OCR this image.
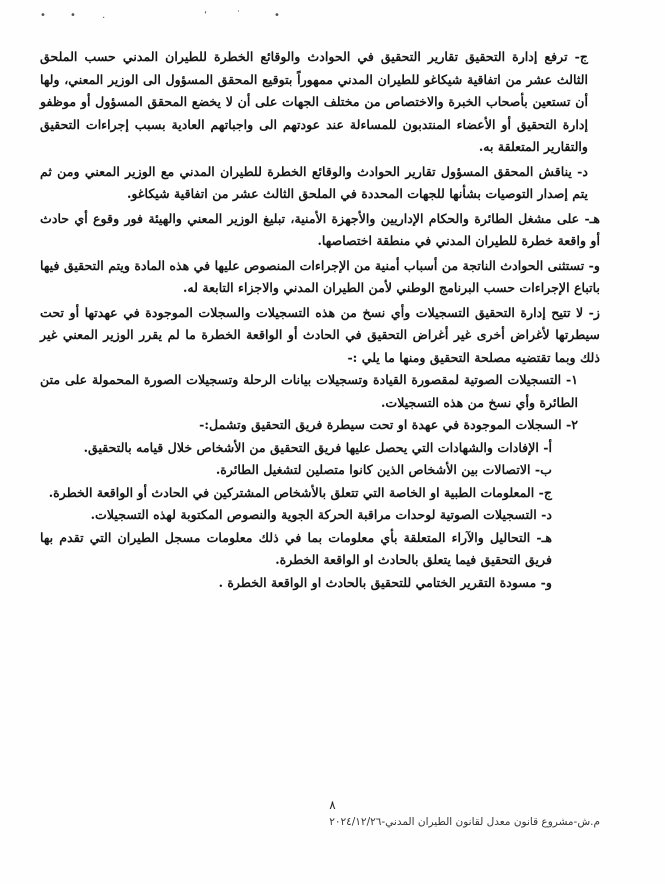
• •	․	‘	˙	•

ج- ترفع إدارة التحقيق تقارير التحقيق في الحوادث والوقائع الخطرة للطيران المدني حسب الملحق الثالث عشر من اتفاقية شيكاغو للطيران المدني ممهوراً بتوقيع المحقق المسؤول الى الوزير المعني، ولها أن تستعين بأصحاب الخبرة والاختصاص من مختلف الجهات على أن لا يخضع المحقق المسؤول أو موظفو إدارة التحقيق أو الأعضاء المنتدبون للمساءلة عند عودتهم الى واجباتهم العادية بسبب إجراءات التحقيق والتقارير المتعلقة به.

د- يناقش المحقق المسؤول تقارير الحوادث والوقائع الخطرة للطيران المدني مع الوزير المعني ومن ثم يتم إصدار التوصيات بشأنها للجهات المحددة في الملحق الثالث عشر من اتفاقية شيكاغو.

هـ- على مشغل الطائرة والحكام الإداريين والأجهزة الأمنية، تبليغ الوزير المعني والهيئة فور وقوع أي حادث أو واقعة خطرة للطيران المدني في منطقة اختصاصها.

و- تستثنى الحوادث الناتجة من أسباب أمنية من الإجراءات المنصوص عليها في هذه المادة ويتم التحقيق فيها باتباع الإجراءات حسب البرنامج الوطني لأمن الطيران المدني والاجزاء التابعة له.

ز- لا تتيح إدارة التحقيق التسجيلات وأي نسخ من هذه التسجيلات والسجلات الموجودة في عهدتها أو تحت سيطرتها لأغراض أخرى غير أغراض التحقيق في الحادث أو الواقعة الخطرة ما لم يقرر الوزير المعني غير ذلك وبما تقتضيه مصلحة التحقيق ومنها ما يلي :-

١- التسجيلات الصوتية لمقصورة القيادة وتسجيلات بيانات الرحلة وتسجيلات الصورة المحمولة على متن الطائرة وأي نسخ من هذه التسجيلات.

٢- السجلات الموجودة في عهدة او تحت سيطرة فريق التحقيق وتشمل:-

أ- الإفادات والشهادات التي يحصل عليها فريق التحقيق من الأشخاص خلال قيامه بالتحقيق.

ب- الاتصالات بين الأشخاص الذين كانوا متصلين لتشغيل الطائرة.

ج- المعلومات الطبية او الخاصة التي تتعلق بالأشخاص المشتركين في الحادث أو الواقعة الخطرة.

د- التسجيلات الصوتية لوحدات مراقبة الحركة الجوية والنصوص المكتوبة لهذه التسجيلات.

هـ- التحاليل والآراء المتعلقة بأي معلومات بما في ذلك معلومات مسجل الطيران التي تقدم بها فريق التحقيق فيما يتعلق بالحادث او الواقعة الخطرة.

و- مسودة التقرير الختامي للتحقيق بالحادث او الواقعة الخطرة .

٨
م.ش-مشروع قانون معدل لقانون الطيران المدني-٢٠٢٤/١٢/٢٦
